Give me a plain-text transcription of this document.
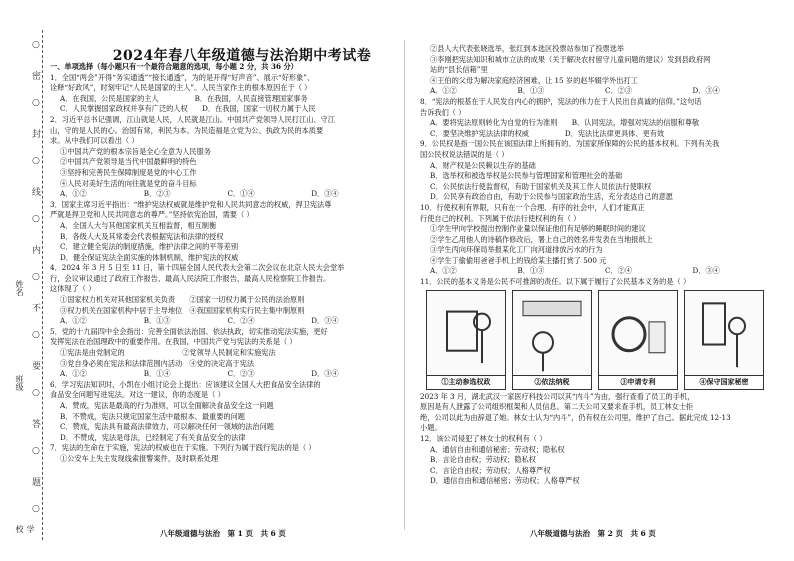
姓名
班级
学校
○
密
○
封
○
线
○
内
○
不
○
要
○
答
○
题
○
2024年春八年级道德与法治期中考试卷
一、单项选择（每小题只有一个最符合题意的选项，每小题 2 分，共 36 分）
1．全国“两会”开得“务实通透”“接长通透”，为的是开得“好声音”、展示“好形象”、
诠释“好政风”，时刻牢记“人民是国家的主人”。人民当家作主的根本原因在于（ ）
A．在我国，公民是国家的主人　　　　　B．在我国，人民直接管理国家事务
C．人民掌握国家政权并享有广泛的人权　　D．在我国，国家一切权力属于人民
2．习近平总书记强调，江山就是人民，人民就是江山。中国共产党领导人民打江山、守江
山，守的是人民的心。治国有常，利民为本。为民造福是立党为公、执政为民的本质要
求。从中我们可以看出（ ）
①中国共产党的根本宗旨是全心全意为人民服务
②中国共产党领导是当代中国最鲜明的特色
③坚持和完善民生保障制度是党的中心工作
④人民对美好生活的向往就是党的奋斗目标
A．①②	B．②③	C．①④	D．③④
3．国家主席习近平指出：“维护宪法权威就是维护党和人民共同意志的权威，捍卫宪法尊
严就是捍卫党和人民共同意志的尊严。”坚持依宪治国，需要（ ）
A．全国人大与其他国家机关互相监督，相互制衡
B．各级人大及其常委会代表根据宪法和法律的授权
C．建立健全宪法的制度措施，维护法律之间的平等差别
D．健全保证宪法全面实施的体制机制，维护宪法的权威
4．2024 年 3 月 5 日至 11 日，第十四届全国人民代表大会第二次会议在北京人民大会堂举
行，会议审议通过了政府工作报告、最高人民法院工作报告、最高人民检察院工作报告。
这体现了（ ）
①国家权力机关对其他国家机关负责　　②国家一切权力属于公民的法治原则
③权力机关在国家机构中居于主导地位　④我国国家机构实行民主集中制原则
A．①②	B．①③	C．②④	D．③④
5．党的十九届四中全会指出：完善全面依法治国、依法执政，切实推动宪法实施，更好
发挥宪法在治国理政中的重要作用。在我国，中国共产党与宪法的关系是（ ）
①宪法是由党制定的　　　　　　　　②党领导人民制定和实施宪法
③党自身必须在宪法和法律范围内活动　④党的决定高于宪法
A．①②	B．①④	C．②③	D．③④
6．学习宪法知识时，小凯在小组讨论会上提出：应该建议全国人大把食品安全法律的
食品安全问题写进宪法。对这一建议，你的态度是（ ）
A．赞成，宪法是最高的行为准则，可以全面解决食品安全这一问题
B．不赞成，宪法只规定国家生活中最根本、最重要的问题
C．赞成，宪法具有最高法律效力，可以解决任何一领域的法治问题
D．不赞成，宪法是母法，已经制定了有关食品安全的法律
7．宪法的生命在于实施，宪法的权威也在于实施。下列行为属于践行宪法的是（ ）
①公安车上失主发现线索报警案件，及时联系处理
②县人大代表张晓选举，张红到本选区投票站参加了投票选举
③李刚把宪法知识和城市立法的成果（关于解决农村留守儿童问题的建议）发到县政府网
站的“县长信箱”里
④王伯的父母为解决家庭经济困难，让 15 岁的赵华辍学外出打工
A．①②	B．①③	C．②③	D．③④
8．“宪法的根基在于人民发自内心的拥护，宪法的伟力在于人民出自真诚的信仰。”这句话
告诉我们（ ）
A．要将宪法原则转化为自觉的行为准则　　B．认同宪法，增强对宪法的信服和尊敬
C．要坚决维护宪法法律的权威　　　　　D．宪法比法律更具体、更有效
9．公民权是指一国公民在该国法律上所拥有的、为国家所保障的公民的基本权利。下列有关我
国公民权说法错误的是（ ）
A．财产权是公民赖以生存的基础
B．选举权和被选举权是公民参与管理国家和管理社会的基础
C．公民依法行使监督权，有助于国家机关及其工作人员依法行使职权
D．公民享有政治自由，有助于公民参与国家政治生活，充分表达自己的意愿
10．行使权利有界限，只有在一个合理、有序的社会中，人们才能真正
行使自己的权利。下列属于依法行使权利的有（ ）
①学生甲向学校提出控制作业量以保证他们有足够的睡眠时间的建议
②学生乙用他人的诗稿作修改后，署上自己的姓名并发表在当地报纸上
③学生丙向环保局举报某化工厂向河道排放污水的行为
④学生丁偷偷用爸爸手机上的钱给某主播打赏了 500 元
A．①②	B．①③	C．②④	D．③④
11．公民的基本义务是公民不可推卸的责任。以下属于履行了公民基本义务的是（ ）
①主动参选权政	②依法纳税	③申请专利	④保守国家秘密
2023 年 3 月，湖北武汉一家医疗科技公司以其“内斗”为由，强行查看了员工的手机，
原因是有人泄露了公司组织框架和人员信息。第二天公司又要求查手机，员工林女士拒
绝，公司以此为由辞退了她。林女士认为“内斗”，仍有权在公司里，维护了自己。据此完成 12-13
小题。
12．该公司侵犯了林女士的权利有（ ）
A．通信自由和通信秘密；劳动权；隐私权
B．言论自由权；劳动权；隐私权
C．言论自由权；劳动权；人格尊严权
D．通信自由和通信秘密；劳动权；人格尊严权
八年级道德与法治　第 1 页　共 6 页	八年级道德与法治　第 2 页　共 6 页
